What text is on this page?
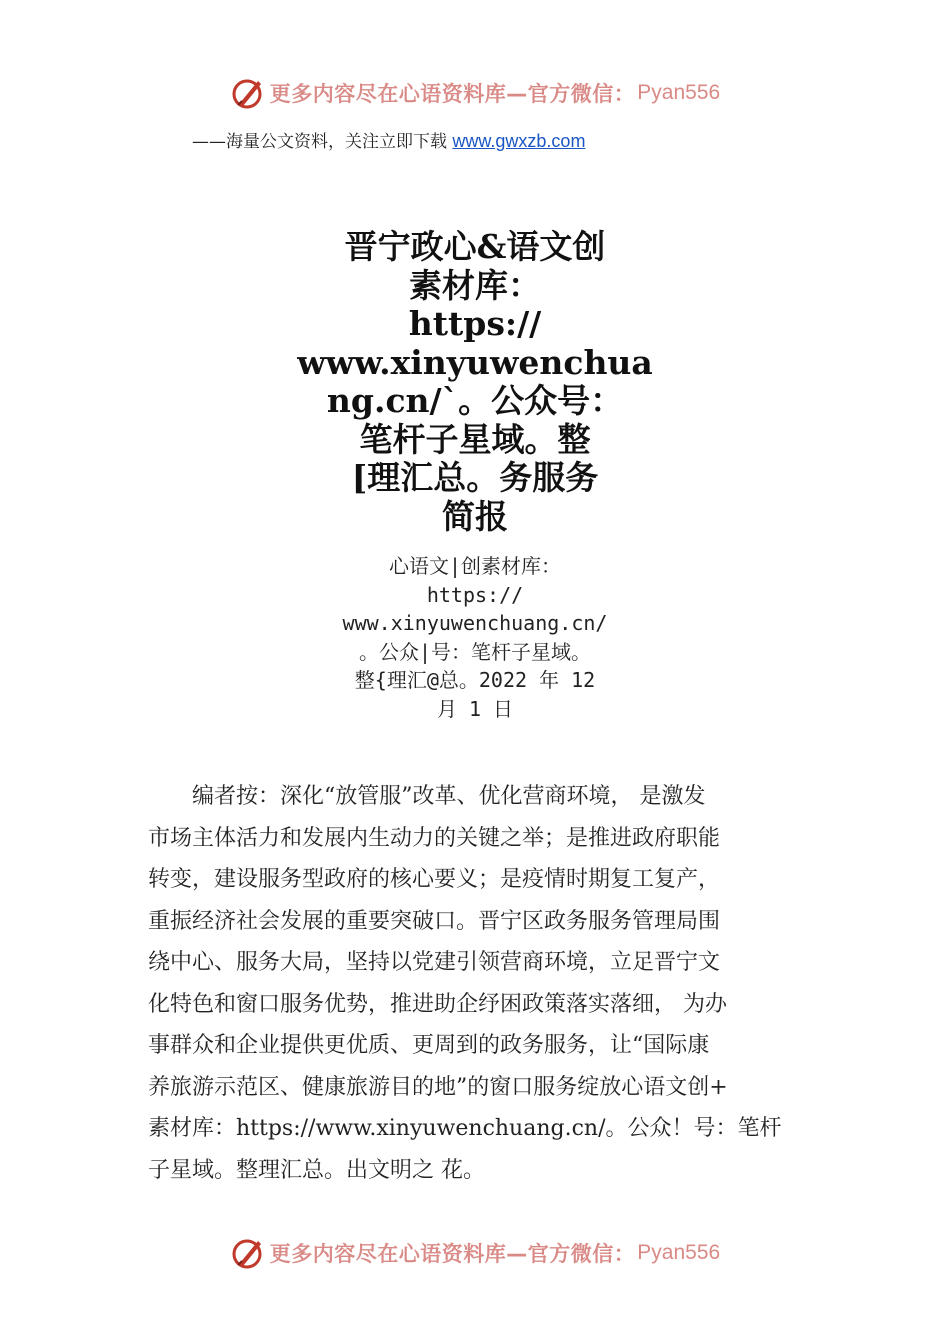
更多内容尽在心语资料库—官方微信： Pyan556
——海量公文资料，关注立即下载 www.gwxzb.com
晋宁政心&语文创
素材库：
https://
www.xinyuwenchua
ng.cn/`。公众号：
笔杆子星域。整
[理汇总。务服务
简报
心语文|创素材库：
https://
www.xinyuwenchuang.cn/
。公众|号：笔杆子星域。
整{理汇@总。2022 年 12
月 1 日
　　编者按：深化“放管服”改革、优化营商环境， 是激发
市场主体活力和发展内生动力的关键之举；是推进政府职能
转变，建设服务型政府的核心要义；是疫情时期复工复产，
重振经济社会发展的重要突破口。晋宁区政务服务管理局围
绕中心、服务大局，坚持以党建引领营商环境，立足晋宁文
化特色和窗口服务优势，推进助企纾困政策落实落细， 为办
事群众和企业提供更优质、更周到的政务服务，让“国际康
养旅游示范区、健康旅游目的地”的窗口服务绽放心语文创+
素材库：https://www.xinyuwenchuang.cn/。公众！号：笔杆
子星域。整理汇总。出文明之 花。
更多内容尽在心语资料库—官方微信： Pyan556
